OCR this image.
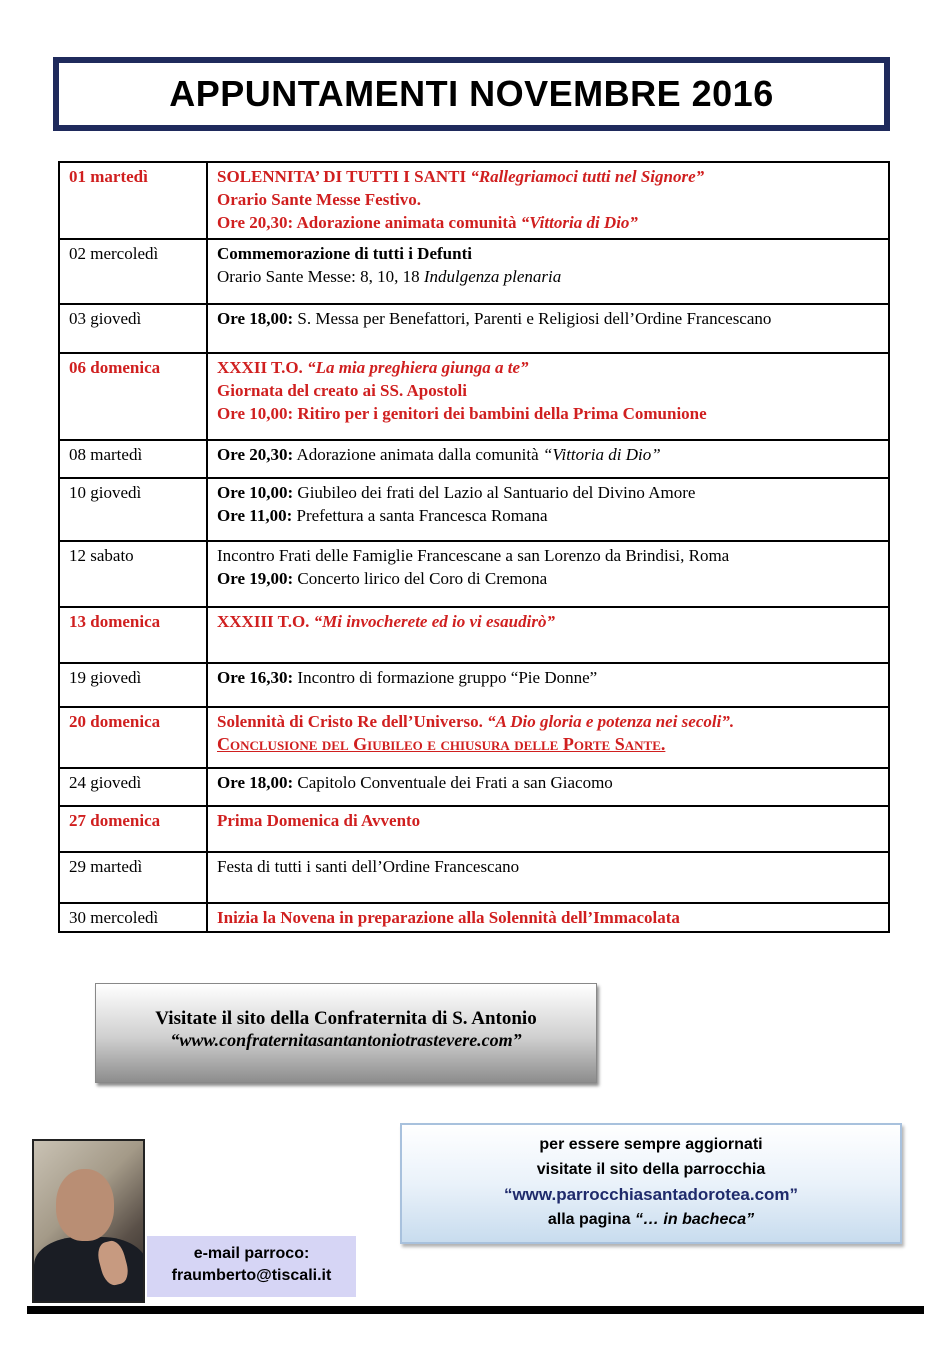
APPUNTAMENTI NOVEMBRE 2016
01 martedì	SOLENNITA’ DI TUTTI I SANTI “Rallegriamoci tutti nel Signore”
Orario Sante Messe Festivo.
Ore 20,30: Adorazione animata comunità “Vittoria di Dio”

02 mercoledì	Commemorazione di tutti i Defunti
Orario Sante Messe: 8, 10, 18 Indulgenza plenaria

03 giovedì	Ore 18,00: S. Messa per Benefattori, Parenti e Religiosi dell’Ordine Francescano

06 domenica	XXXII T.O. “La mia preghiera giunga a te”
Giornata del creato ai SS. Apostoli
Ore 10,00: Ritiro per i genitori dei bambini della Prima Comunione

08 martedì	Ore 20,30: Adorazione animata dalla comunità “Vittoria di Dio”

10 giovedì	Ore 10,00: Giubileo dei frati del Lazio al Santuario del Divino Amore
Ore 11,00: Prefettura a santa Francesca Romana

12 sabato	Incontro Frati delle Famiglie Francescane a san Lorenzo da Brindisi, Roma
Ore 19,00: Concerto lirico del Coro di Cremona

13 domenica	XXXIII T.O. “Mi invocherete ed io vi esaudirò”

19 giovedì	Ore 16,30: Incontro di formazione gruppo “Pie Donne”

20 domenica	Solennità di Cristo Re dell’Universo. “A Dio gloria e potenza nei secoli”.
Conclusione del Giubileo e chiusura delle Porte Sante.

24 giovedì	Ore 18,00: Capitolo Conventuale dei Frati a san Giacomo

27 domenica	Prima Domenica di Avvento

29 martedì	Festa di tutti i santi dell’Ordine Francescano

30 mercoledì	Inizia la Novena in preparazione alla Solennità dell’Immacolata
Visitate il sito della Confraternita di S. Antonio
“www.confraternitasantantoniotrastevere.com”
e-mail parroco:
fraumberto@tiscali.it
per essere sempre aggiornati
visitate il sito della parrocchia
“www.parrocchiasantadorotea.com”
alla pagina “… in bacheca”
